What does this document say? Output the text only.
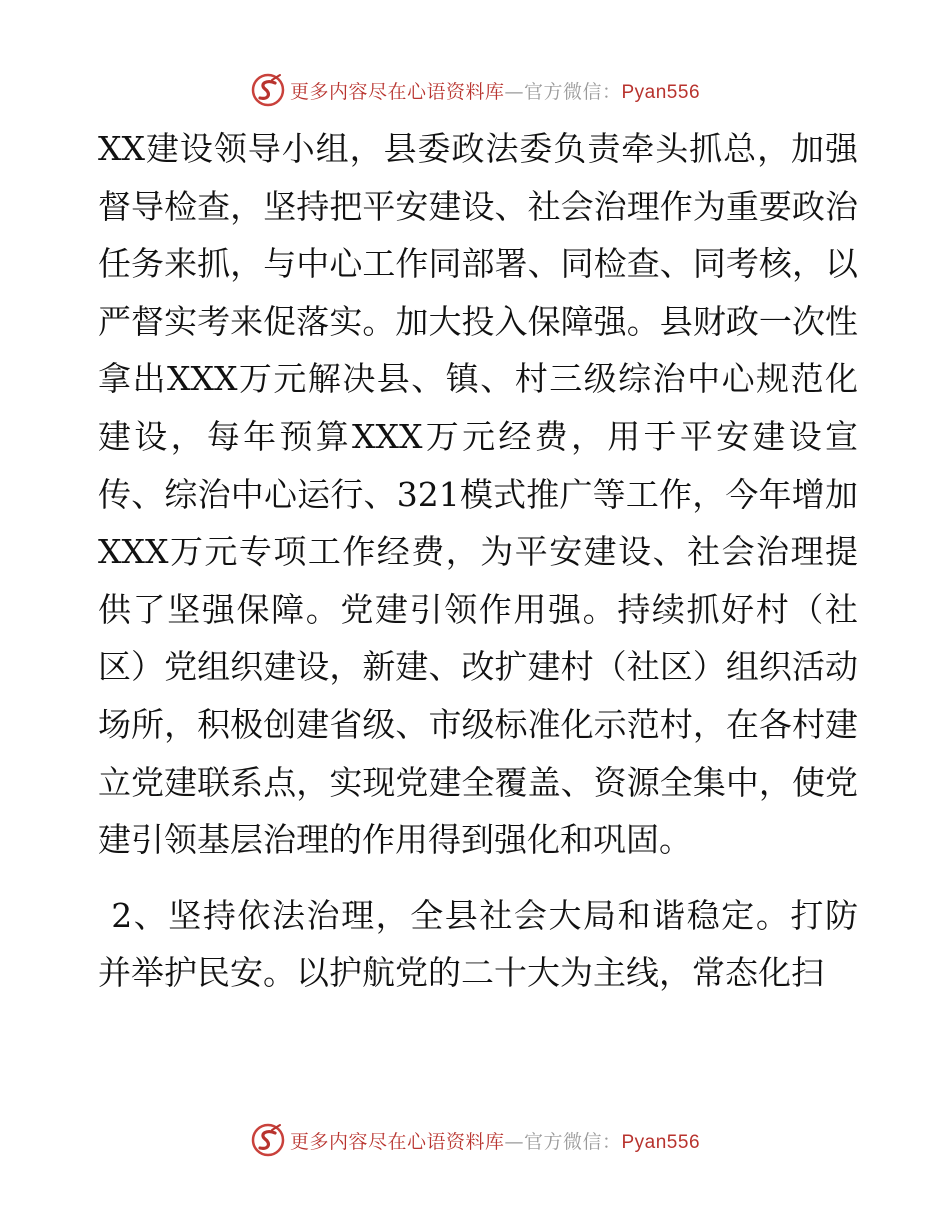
更多内容尽在心语资料库—官方微信：Pyan556

XX建设领导小组，县委政法委负责牵头抓总，加强督导检查，坚持把平安建设、社会治理作为重要政治任务来抓，与中心工作同部署、同检查、同考核，以严督实考来促落实。加大投入保障强。县财政一次性拿出XXX万元解决县、镇、村三级综治中心规范化建设，每年预算XXX万元经费，用于平安建设宣传、综治中心运行、321模式推广等工作，今年增加XXX万元专项工作经费，为平安建设、社会治理提供了坚强保障。党建引领作用强。持续抓好村（社区）党组织建设，新建、改扩建村（社区）组织活动场所，积极创建省级、市级标准化示范村，在各村建立党建联系点，实现党建全覆盖、资源全集中，使党建引领基层治理的作用得到强化和巩固。

2、坚持依法治理，全县社会大局和谐稳定。打防并举护民安。以护航党的二十大为主线，常态化扫

更多内容尽在心语资料库—官方微信：Pyan556
